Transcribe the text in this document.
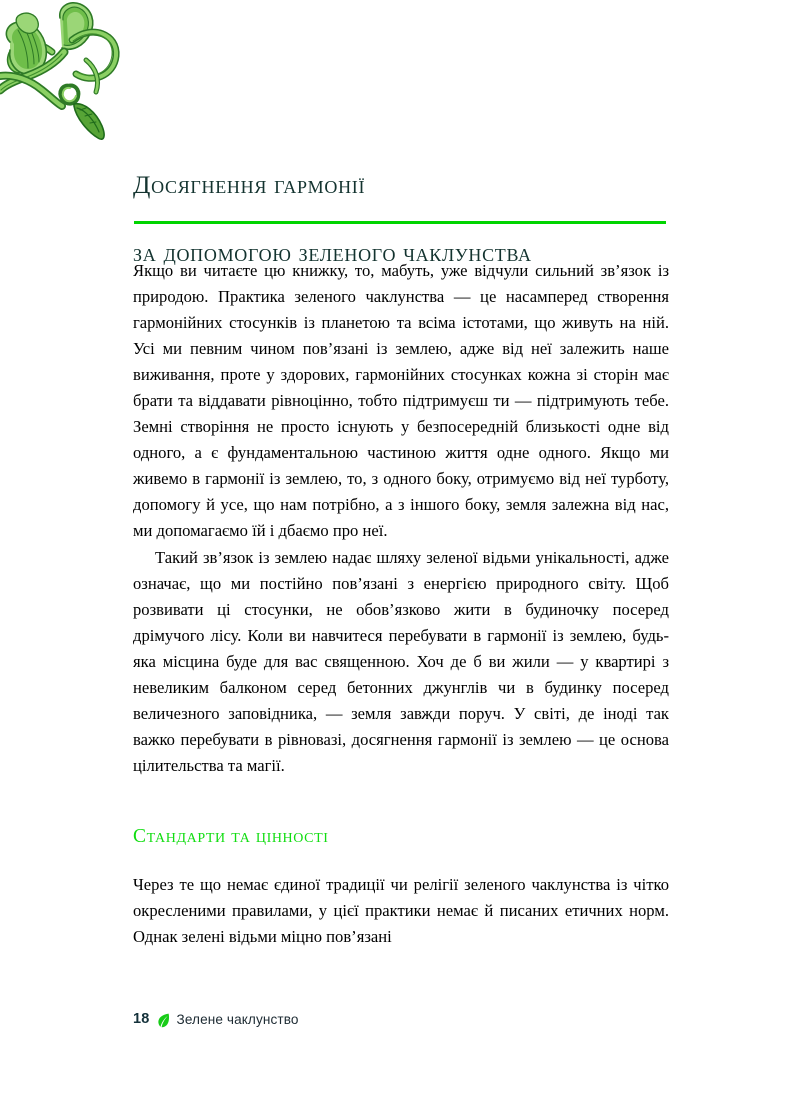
Досягнення гармонії

за допомогою зеленого чаклунства

Якщо ви читаєте цю книжку, то, мабуть, уже відчули сильний зв’язок із природою. Практика зеленого чаклунства — це насамперед створення гармонійних стосунків із планетою та всіма істотами, що живуть на ній. Усі ми певним чином пов’язані із землею, адже від неї залежить наше виживання, проте у здорових, гармонійних стосунках кожна зі сторін має брати та віддавати рівноцінно, тобто підтримуєш ти — підтримують тебе. Земні створіння не просто існують у безпосередній близькості одне від одного, а є фундаментальною частиною життя одне одного. Якщо ми живемо в гармонії із землею, то, з одного боку, отримуємо від неї турботу, допомогу й усе, що нам потрібно, а з іншого боку, земля залежна від нас, ми допомагаємо їй і дбаємо про неї.

Такий зв’язок із землею надає шляху зеленої відьми унікальності, адже означає, що ми постійно пов’язані з енергією природного світу. Щоб розвивати ці стосунки, не обов’язково жити в будиночку посеред дрімучого лісу. Коли ви навчитеся перебувати в гармонії із землею, будь-яка місцина буде для вас священною. Хоч де б ви жили — у квартирі з невеликим балконом серед бетонних джунглів чи в будинку посеред величезного заповідника, — земля завжди поруч. У світі, де іноді так важко перебувати в рівновазі, досягнення гармонії із землею — це основа цілительства та магії.

Стандарти та цінності

Через те що немає єдиної традиції чи релігії зеленого чаклунства із чітко окресленими правилами, у цієї практики немає й писаних етичних норм. Однак зелені відьми міцно пов’язані

18 Зелене чаклунство
